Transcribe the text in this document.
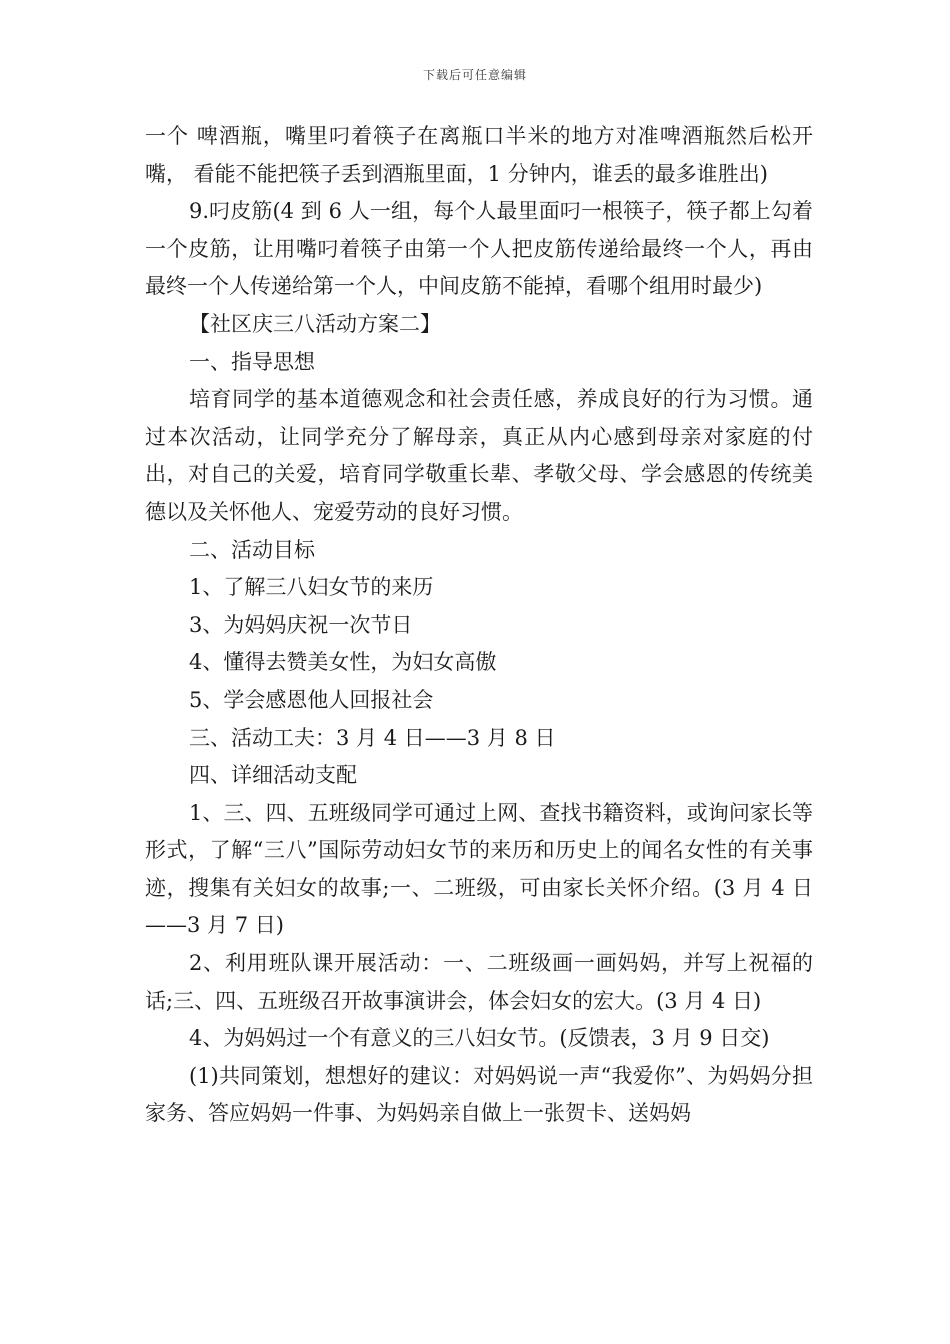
下载后可任意编辑

一个 啤酒瓶，嘴里叼着筷子在离瓶口半米的地方对准啤酒瓶然后松开嘴， 看能不能把筷子丢到酒瓶里面，1 分钟内，谁丢的最多谁胜出)

9.叼皮筋(4 到 6 人一组，每个人最里面叼一根筷子，筷子都上勾着一个皮筋，让用嘴叼着筷子由第一个人把皮筋传递给最终一个人，再由最终一个人传递给第一个人，中间皮筋不能掉，看哪个组用时最少)

【社区庆三八活动方案二】

一、指导思想

培育同学的基本道德观念和社会责任感，养成良好的行为习惯。通过本次活动，让同学充分了解母亲，真正从内心感到母亲对家庭的付出，对自己的关爱，培育同学敬重长辈、孝敬父母、学会感恩的传统美德以及关怀他人、宠爱劳动的良好习惯。

二、活动目标

1、了解三八妇女节的来历

3、为妈妈庆祝一次节日

4、懂得去赞美女性，为妇女高傲

5、学会感恩他人回报社会

三、活动工夫：3 月 4 日——3 月 8 日

四、详细活动支配

1、三、四、五班级同学可通过上网、查找书籍资料，或询问家长等形式，了解“三八”国际劳动妇女节的来历和历史上的闻名女性的有关事迹，搜集有关妇女的故事;一、二班级，可由家长关怀介绍。(3 月 4 日——3 月 7 日)

2、利用班队课开展活动：一、二班级画一画妈妈，并写上祝福的话;三、四、五班级召开故事演讲会，体会妇女的宏大。(3 月 4 日)

4、为妈妈过一个有意义的三八妇女节。(反馈表，3 月 9 日交)

(1)共同策划，想想好的建议：对妈妈说一声“我爱你”、为妈妈分担家务、答应妈妈一件事、为妈妈亲自做上一张贺卡、送妈妈
